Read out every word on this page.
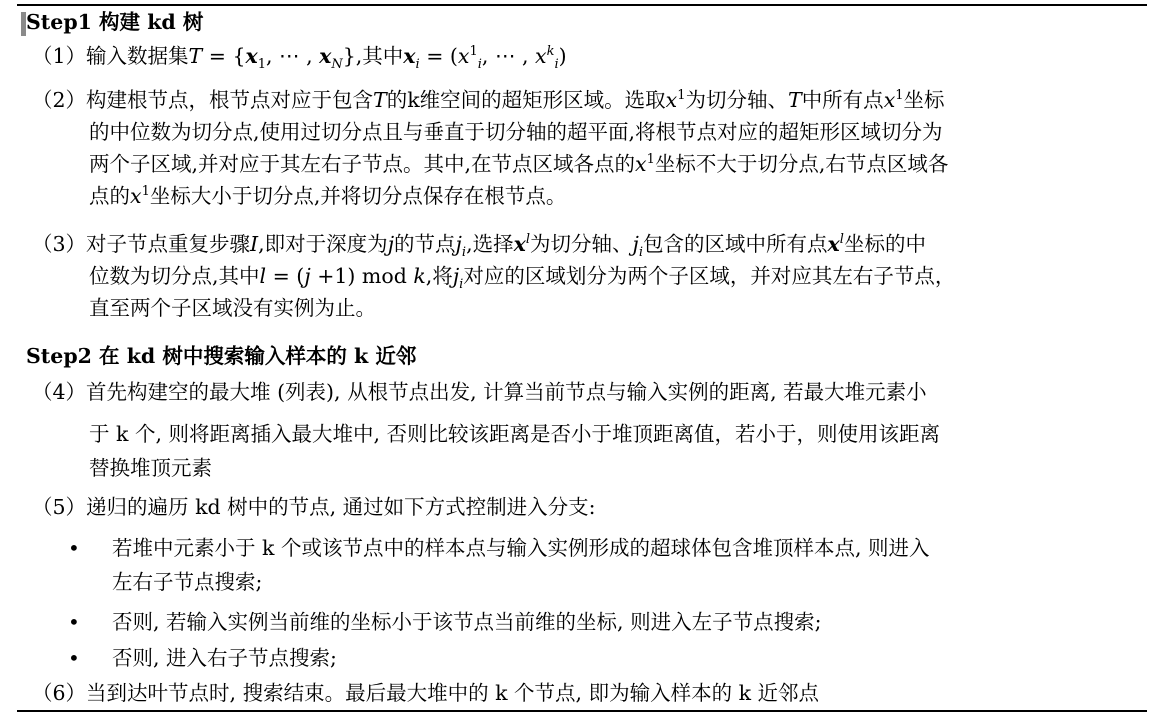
Step1 构建 kd 树
（1）输入数据集$T = \{x_1$, ⋯ , $x_N$},其中$x_i = (x^1_i$, ⋯ , $x^k_i$)
（2）构建根节点，根节点对应于包含T的k维空间的超矩形区域。选取$x^1$为切分轴、T中所有点$x^1$坐标
的中位数为切分点,使用过切分点且与垂直于切分轴的超平面,将根节点对应的超矩形区域切分为
两个子区域,并对应于其左右子节点。其中,在节点区域各点的$x^1$坐标不大于切分点,右节点区域各
点的$x^1$坐标大小于切分点,并将切分点保存在根节点。
（3）对子节点重复步骤I,即对于深度为j的节点$j_i$,选择$x^l$为切分轴、$j_i$包含的区域中所有点$x^l$坐标的中
位数为切分点,其中l = (j +1) mod k,将$j_i$对应的区域划分为两个子区域，并对应其左右子节点，
直至两个子区域没有实例为止。
Step2 在 kd 树中搜索输入样本的 k 近邻
（4）首先构建空的最大堆 (列表), 从根节点出发, 计算当前节点与输入实例的距离, 若最大堆元素小
于 k 个, 则将距离插入最大堆中, 否则比较该距离是否小于堆顶距离值，若小于，则使用该距离
替换堆顶元素
（5）递归的遍历 kd 树中的节点, 通过如下方式控制进入分支:
• 若堆中元素小于 k 个或该节点中的样本点与输入实例形成的超球体包含堆顶样本点, 则进入
左右子节点搜索;
• 否则, 若输入实例当前维的坐标小于该节点当前维的坐标, 则进入左子节点搜索;
• 否则, 进入右子节点搜索;
（6）当到达叶节点时, 搜索结束。最后最大堆中的 k 个节点, 即为输入样本的 k 近邻点
